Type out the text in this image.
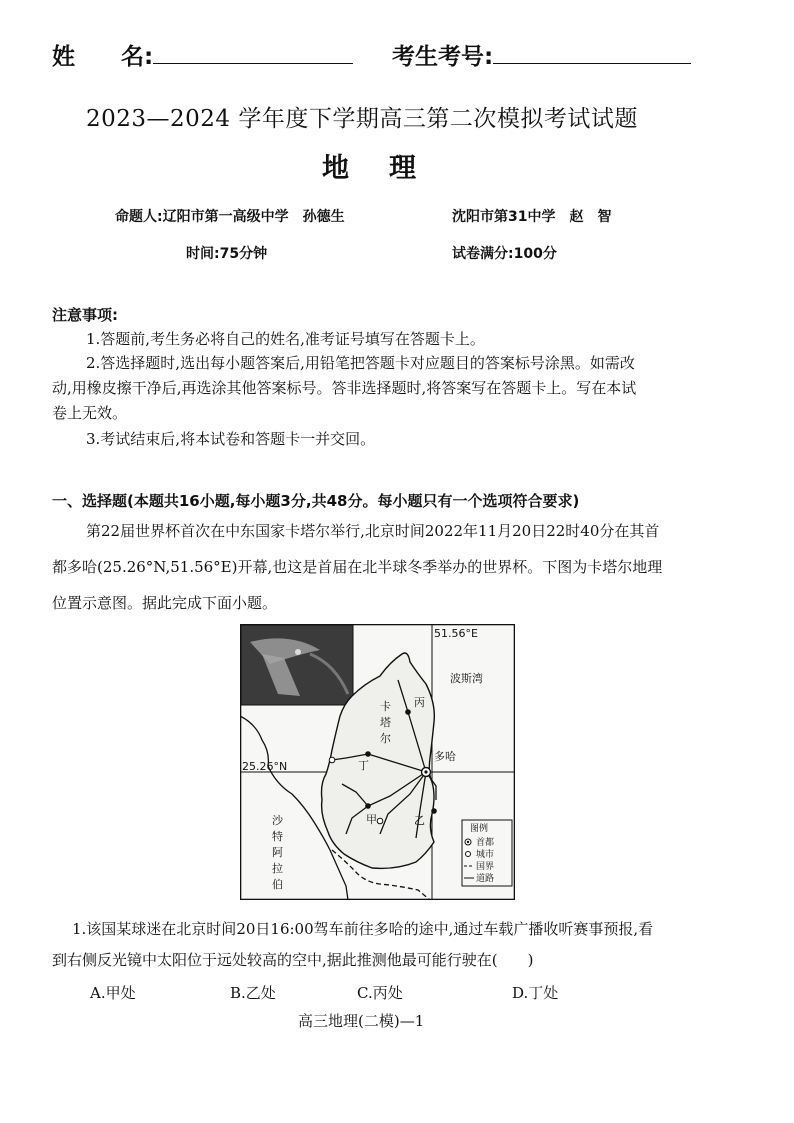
姓　　名:	考生考号:
2023—2024 学年度下学期高三第二次模拟考试试题
地理
命题人:辽阳市第一高级中学　孙德生	沈阳市第31中学　赵　智
时间:75分钟	试卷满分:100分
注意事项:
1.答题前,考生务必将自己的姓名,准考证号填写在答题卡上。
2.答选择题时,选出每小题答案后,用铅笔把答题卡对应题目的答案标号涂黑。如需改
动,用橡皮擦干净后,再选涂其他答案标号。答非选择题时,将答案写在答题卡上。写在本试
卷上无效。
3.考试结束后,将本试卷和答题卡一并交回。
一、选择题(本题共16小题,每小题3分,共48分。每小题只有一个选项符合要求)
第22届世界杯首次在中东国家卡塔尔举行,北京时间2022年11月20日22时40分在其首
都多哈(25.26°N,51.56°E)开幕,也这是首届在北半球冬季举办的世界杯。下图为卡塔尔地理
位置示意图。据此完成下面小题。
51.56°E
波斯湾
卡
塔
尔
丙
丁
多哈
25.26°N
甲	乙
沙
特
阿
拉
伯
图例
首都
城市
国界
道路
1.该国某球迷在北京时间20日16:00驾车前往多哈的途中,通过车载广播收听赛事预报,看
到右侧反光镜中太阳位于远处较高的空中,据此推测他最可能行驶在(　　)
A.甲处	B.乙处	C.丙处	D.丁处
高三地理(二模)—1
